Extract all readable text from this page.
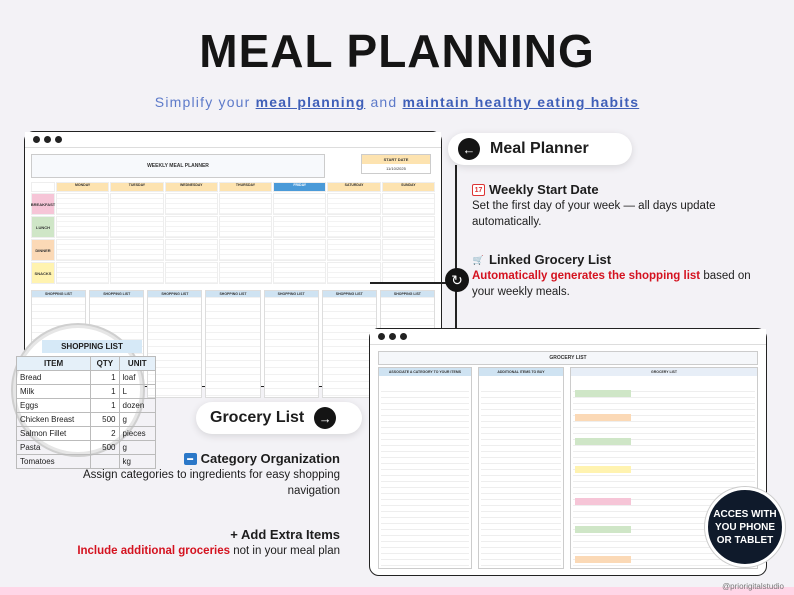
MEAL PLANNING
Simplify your meal planning and maintain healthy eating habits
WEEKLY MEAL PLANNER
START DATE
11/10/2025
MONDAY	TUESDAY	WEDNESDAY	THURSDAY	FRIDAY	SATURDAY	SUNDAY
BREAKFAST
LUNCH
DINNER
SNACKS
SHOPPING LIST	SHOPPING LIST	SHOPPING LIST	SHOPPING LIST	SHOPPING LIST	SHOPPING LIST	SHOPPING LIST
SHOPPING LIST
ITEM	QTY	UNIT
Bread	1	loaf
Milk	1	L
Eggs	1	dozen
Chicken Breast	500	g
Salmon Fillet	2	pieces
Pasta	500	g
Tomatoes		kg
← Meal Planner
17 Weekly Start Date
Set the first day of your week — all days update automatically.
↻
🛒 Linked Grocery List
Automatically generates the shopping list based on your weekly meals.
Grocery List	→
▬ Category Organization
Assign categories to ingredients for easy shopping navigation
+ Add Extra Items
Include additional groceries not in your meal plan
GROCERY LIST
ASSOCIATE A CATEGORY TO YOUR ITEMS	ADDITIONAL ITEMS TO BUY	GROCERY LIST
ACCES WITH YOU PHONE OR TABLET
@priorigitalstudio
